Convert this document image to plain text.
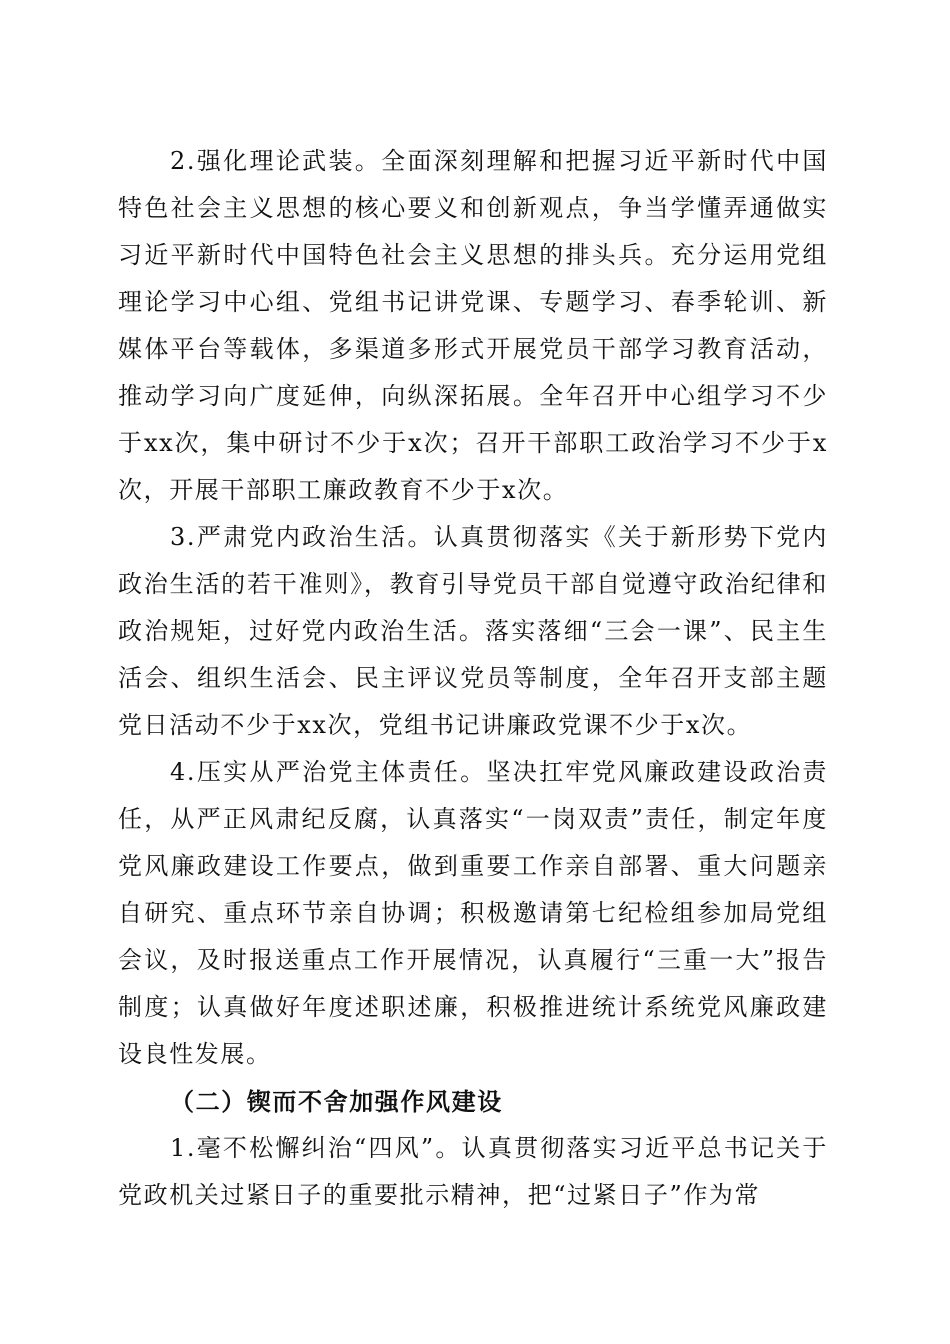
2.强化理论武装。全面深刻理解和把握习近平新时代中国特色社会主义思想的核心要义和创新观点，争当学懂弄通做实习近平新时代中国特色社会主义思想的排头兵。充分运用党组理论学习中心组、党组书记讲党课、专题学习、春季轮训、新媒体平台等载体，多渠道多形式开展党员干部学习教育活动，推动学习向广度延伸，向纵深拓展。全年召开中心组学习不少于xx次，集中研讨不少于x次；召开干部职工政治学习不少于x次，开展干部职工廉政教育不少于x次。

3.严肃党内政治生活。认真贯彻落实《关于新形势下党内政治生活的若干准则》，教育引导党员干部自觉遵守政治纪律和政治规矩，过好党内政治生活。落实落细“三会一课”、民主生活会、组织生活会、民主评议党员等制度，全年召开支部主题党日活动不少于xx次，党组书记讲廉政党课不少于x次。

4.压实从严治党主体责任。坚决扛牢党风廉政建设政治责任，从严正风肃纪反腐，认真落实“一岗双责”责任，制定年度党风廉政建设工作要点，做到重要工作亲自部署、重大问题亲自研究、重点环节亲自协调；积极邀请第七纪检组参加局党组会议，及时报送重点工作开展情况，认真履行“三重一大”报告制度；认真做好年度述职述廉，积极推进统计系统党风廉政建设良性发展。

（二）锲而不舍加强作风建设

1.毫不松懈纠治“四风”。认真贯彻落实习近平总书记关于党政机关过紧日子的重要批示精神，把“过紧日子”作为常
